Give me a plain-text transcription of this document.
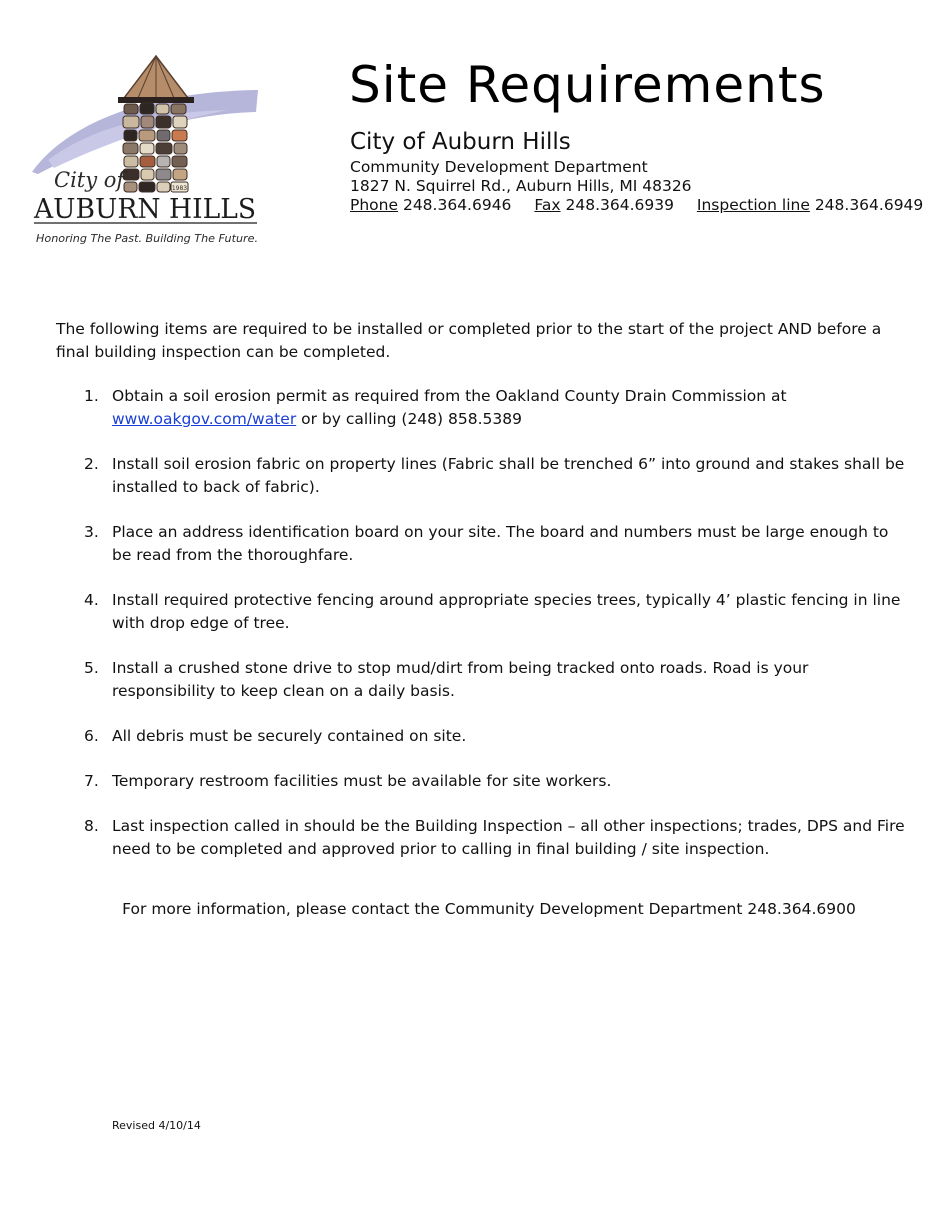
1983
City of
AUBURN HILLS
Honoring The Past. Building The Future.
Site Requirements
City of Auburn Hills
Community Development Department
1827 N. Squirrel Rd., Auburn Hills, MI 48326
Phone 248.364.6946 Fax 248.364.6939 Inspection line 248.364.6949

The following items are required to be installed or completed prior to the start of the project AND before a final building inspection can be completed.

1. Obtain a soil erosion permit as required from the Oakland County Drain Commission at
www.oakgov.com/water or by calling (248) 858.5389
2. Install soil erosion fabric on property lines (Fabric shall be trenched 6” into ground and stakes shall be installed to back of fabric).
3. Place an address identification board on your site. The board and numbers must be large enough to be read from the thoroughfare.
4. Install required protective fencing around appropriate species trees, typically 4’ plastic fencing in line with drop edge of tree.
5. Install a crushed stone drive to stop mud/dirt from being tracked onto roads. Road is your responsibility to keep clean on a daily basis.
6. All debris must be securely contained on site.
7. Temporary restroom facilities must be available for site workers.
8. Last inspection called in should be the Building Inspection – all other inspections; trades, DPS and Fire need to be completed and approved prior to calling in final building / site inspection.
For more information, please contact the Community Development Department 248.364.6900
Revised 4/10/14
